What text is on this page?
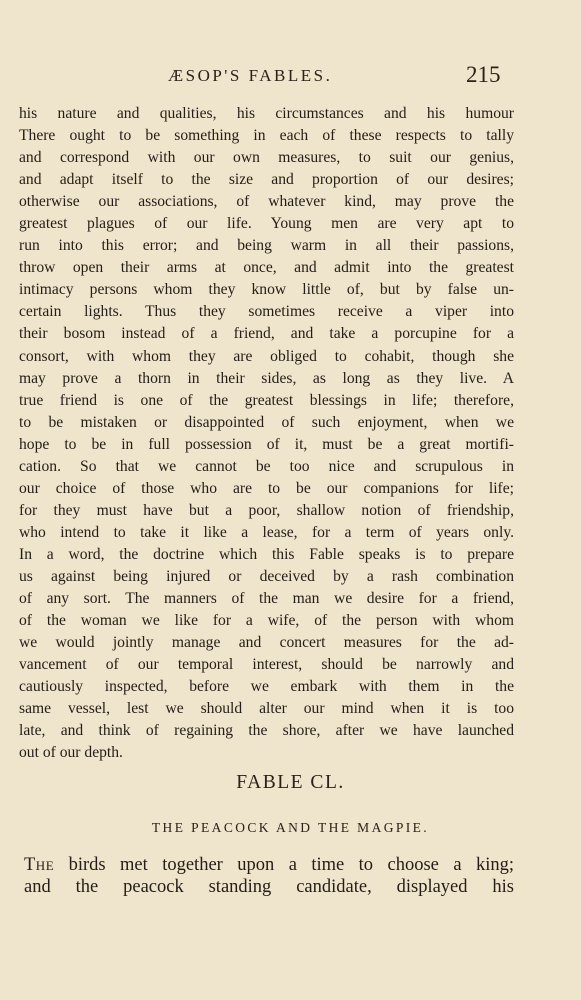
ÆSOP'S FABLES.	215
his nature and qualities, his circumstances and his humour
There ought to be something in each of these respects to tally
and correspond with our own measures, to suit our genius,
and adapt itself to the size and proportion of our desires;
otherwise our associations, of whatever kind, may prove the
greatest plagues of our life. Young men are very apt to
run into this error; and being warm in all their passions,
throw open their arms at once, and admit into the greatest
intimacy persons whom they know little of, but by false un-
certain lights. Thus they sometimes receive a viper into
their bosom instead of a friend, and take a porcupine for a
consort, with whom they are obliged to cohabit, though she
may prove a thorn in their sides, as long as they live. A
true friend is one of the greatest blessings in life; therefore,
to be mistaken or disappointed of such enjoyment, when we
hope to be in full possession of it, must be a great mortifi-
cation. So that we cannot be too nice and scrupulous in
our choice of those who are to be our companions for life;
for they must have but a poor, shallow notion of friendship,
who intend to take it like a lease, for a term of years only.
In a word, the doctrine which this Fable speaks is to prepare
us against being injured or deceived by a rash combination
of any sort. The manners of the man we desire for a friend,
of the woman we like for a wife, of the person with whom
we would jointly manage and concert measures for the ad-
vancement of our temporal interest, should be narrowly and
cautiously inspected, before we embark with them in the
same vessel, lest we should alter our mind when it is too
late, and think of regaining the shore, after we have launched
out of our depth.
FABLE CL.
THE PEACOCK AND THE MAGPIE.
The birds met together upon a time to choose a king;
and the peacock standing candidate, displayed his
